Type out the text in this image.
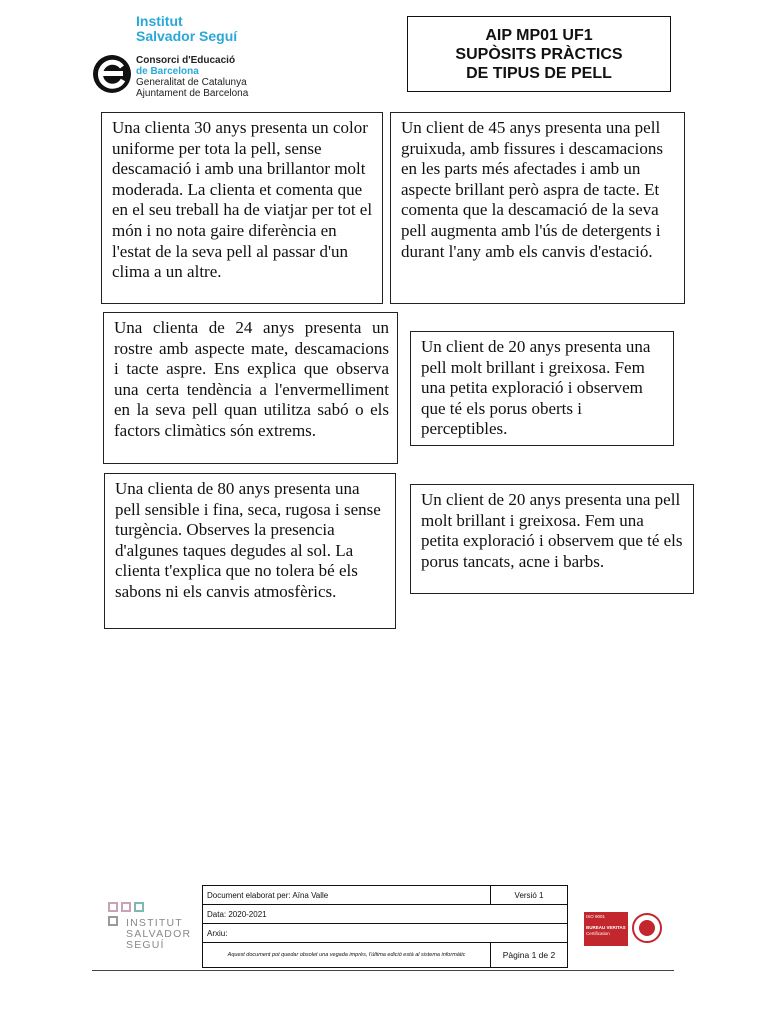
Institut
Salvador Seguí
Consorci d'Educació
de Barcelona
Generalitat de Catalunya
Ajuntament de Barcelona
AIP MP01 UF1
SUPÒSITS PRÀCTICS
DE TIPUS DE PELL
Una clienta 30 anys presenta un color uniforme per tota la pell, sense descamació i amb una brillantor molt moderada. La clienta et comenta que en el seu treball ha de viatjar per tot el món i no nota gaire diferència en l'estat de la seva pell al passar d'un clima a un altre.
Un client de 45 anys presenta una pell gruixuda, amb fissures i descamacions en les parts més afectades i amb un aspecte brillant però aspra de tacte. Et comenta que la descamació de la seva pell augmenta amb l'ús de detergents i durant l'any amb els canvis d'estació.
Una clienta de 24 anys presenta un rostre amb aspecte mate, descamacions i tacte aspre. Ens explica que observa una certa tendència a l'envermelliment en la seva pell quan utilitza sabó o els factors climàtics són extrems.
Un client de 20 anys presenta una pell molt brillant i greixosa. Fem una petita exploració i observem que té els porus oberts i perceptibles.
Una clienta de 80 anys presenta una pell sensible i fina, seca, rugosa i sense turgència. Observes la presencia d'algunes taques degudes al sol. La clienta t'explica que no tolera bé els sabons ni els canvis atmosfèrics.
Un client de 20 anys presenta una pell molt brillant i greixosa. Fem una petita exploració i observem que té els porus tancats, acne i barbs.
INSTITUT
SALVADOR
SEGUÍ
Document elaborat per: Aïna Valle	Versió 1
Data: 2020-2021	
Arxiu:	
Aquest document pot quedar obsolet una vegada imprès, l'última edició està al sistema informàtic	Pàgina 1 de 2
ISO 9001
BUREAU VERITAS
Certification
